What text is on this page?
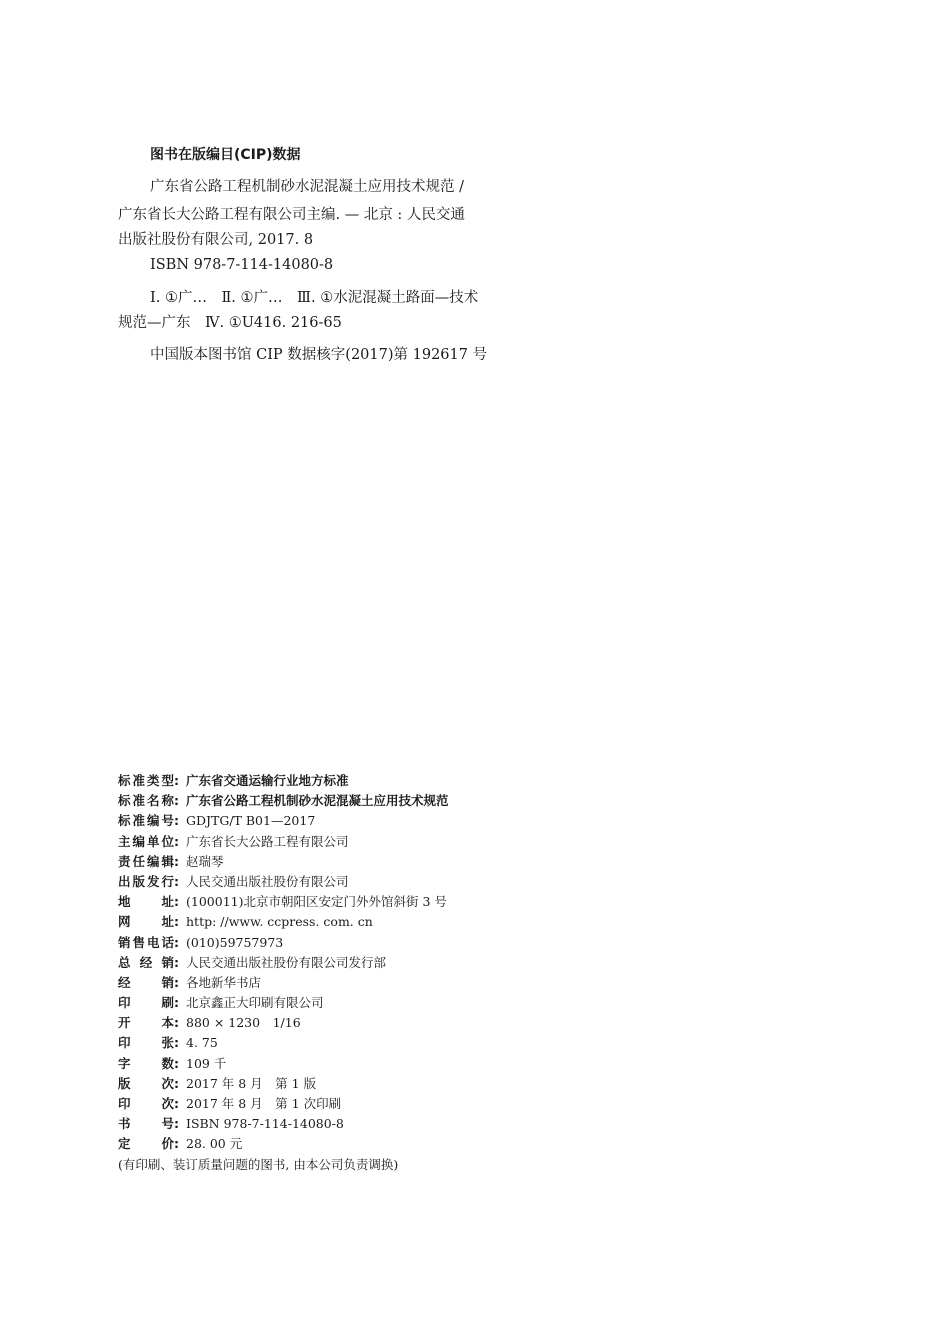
图书在版编目(CIP)数据
广东省公路工程机制砂水泥混凝土应用技术规范 /
广东省长大公路工程有限公司主编. — 北京 : 人民交通
出版社股份有限公司, 2017. 8
ISBN 978-7-114-14080-8
Ⅰ. ①广…　Ⅱ. ①广…　Ⅲ. ①水泥混凝土路面—技术
规范—广东　Ⅳ. ①U416. 216-65
中国版本图书馆 CIP 数据核字(2017)第 192617 号
标准类型 : 广东省交通运输行业地方标准
标准名称 : 广东省公路工程机制砂水泥混凝土应用技术规范
标准编号 : GDJTG/T B01—2017
主编单位 : 广东省长大公路工程有限公司
责任编辑 : 赵瑞琴
出版发行 : 人民交通出版社股份有限公司
地址 : (100011)北京市朝阳区安定门外外馆斜街 3 号
网址 : http: //www. ccpress. com. cn
销售电话 : (010)59757973
总经销 : 人民交通出版社股份有限公司发行部
经销 : 各地新华书店
印刷 : 北京鑫正大印刷有限公司
开本 : 880 × 1230　1/16
印张 : 4. 75
字数 : 109 千
版次 : 2017 年 8 月　第 1 版
印次 : 2017 年 8 月　第 1 次印刷
书号 : ISBN 978-7-114-14080-8
定价 : 28. 00 元
(有印刷、装订质量问题的图书, 由本公司负责调换)
